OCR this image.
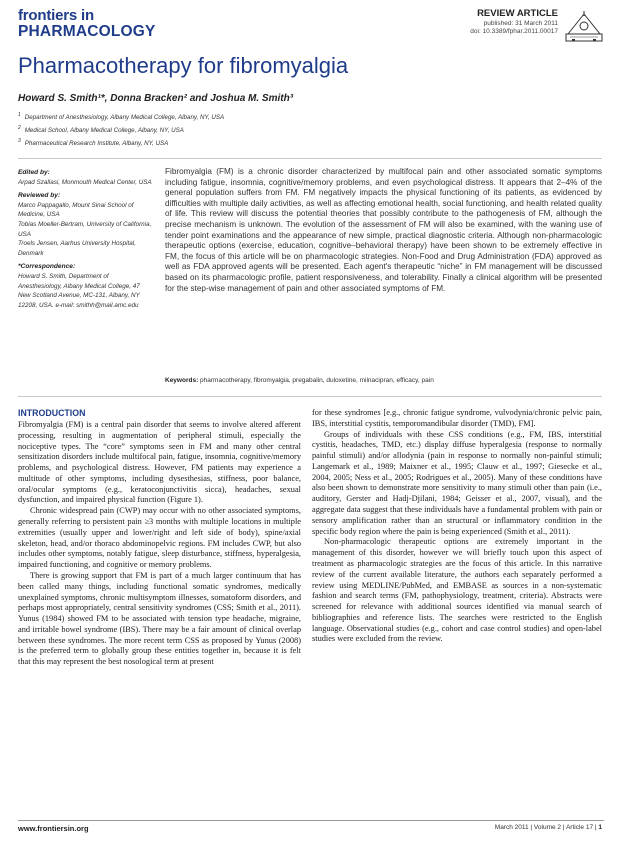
frontiers in
PHARMACOLOGY
REVIEW ARTICLE
published: 31 March 2011
doi: 10.3389/fphar.2011.00017
Pharmacotherapy for fibromyalgia
Howard S. Smith¹*, Donna Bracken² and Joshua M. Smith³
$^1$ Department of Anesthesiology, Albany Medical College, Albany, NY, USA
$^2$ Medical School, Albany Medical College, Albany, NY, USA
$^3$ Pharmaceutical Research Institute, Albany, NY, USA
Edited by:
Arpad Szallasi, Monmouth Medical Center, USA
Reviewed by:
Marco Pappagallo, Mount Sinai School of Medicine, USA
Tobias Moeller-Bertram, University of California, USA
Troels Jensen, Aarhus University Hospital, Denmark
*Correspondence:
Howard S. Smith, Department of Anesthesiology, Albany Medical College, 47 New Scotland Avenue, MC-131, Albany, NY 12208, USA. e-mail: smithh@mail.amc.edu
Fibromyalgia (FM) is a chronic disorder characterized by multifocal pain and other associated somatic symptoms including fatigue, insomnia, cognitive/memory problems, and even psychological distress. It appears that 2–4% of the general population suffers from FM. FM negatively impacts the physical functioning of its patients, as evidenced by difficulties with multiple daily activities, as well as affecting emotional health, social functioning, and health related quality of life. This review will discuss the potential theories that possibly contribute to the pathogenesis of FM, although the precise mechanism is unknown. The evolution of the assessment of FM will also be examined, with the waning use of tender point examinations and the appearance of new simple, practical diagnostic criteria. Although non-pharmacologic therapeutic options (exercise, education, cognitive–behavioral therapy) have been shown to be extremely effective in FM, the focus of this article will be on pharmacologic strategies. Non-Food and Drug Administration (FDA) approved as well as FDA approved agents will be presented. Each agent's therapeutic “niche” in FM management will be discussed based on its pharmacologic profile, patient responsiveness, and tolerability. Finally a clinical algorithm will be presented for the step-wise management of pain and other associated symptoms of FM.
Keywords: pharmacotherapy, fibromyalgia, pregabalin, duloxetine, milnacipran, efficacy, pain
INTRODUCTION

Fibromyalgia (FM) is a central pain disorder that seems to involve altered afferent processing, resulting in augmentation of peripheral stimuli, especially the nociceptive types. The “core” symptoms seen in FM and many other central sensitization disorders include multifocal pain, fatigue, insomnia, cognitive/memory problems, and psychological distress. However, FM patients may experience a multitude of other symptoms, including dysesthesias, stiffness, poor balance, oral/ocular symptoms (e.g., keratoconjunctivitis sicca), headaches, sexual dysfunction, and impaired physical function (Figure 1).

Chronic widespread pain (CWP) may occur with no other associated symptoms, generally referring to persistent pain ≥3 months with multiple locations in multiple extremities (usually upper and lower/right and left side of body), spine/axial skeleton, head, and/or thoraco abdominopelvic regions. FM includes CWP, but also includes other symptoms, notably fatigue, sleep disturbance, stiffness, hyperalgesia, impaired functioning, and cognitive or memory problems.

There is growing support that FM is part of a much larger continuum that has been called many things, including functional somatic syndromes, medically unexplained symptoms, chronic multisymptom illnesses, somatoform disorders, and perhaps most appropriately, central sensitivity syndromes (CSS; Smith et al., 2011). Yunus (1984) showed FM to be associated with tension type headache, migraine, and irritable bowel syndrome (IBS). There may be a fair amount of clinical overlap between these syndromes. The more recent term CSS as proposed by Yunus (2008) is the preferred term to globally group these entities together in, because it is felt that this may represent the best nosological term at present

for these syndromes [e.g., chronic fatigue syndrome, vulvodynia/chronic pelvic pain, IBS, interstitial cystitis, temporomandibular disorder (TMD), FM].

Groups of individuals with these CSS conditions (e.g., FM, IBS, interstitial cystitis, headaches, TMD, etc.) display diffuse hyperalgesia (response to normally painful stimuli) and/or allodynia (pain in response to normally non-painful stimuli; Langemark et al., 1989; Maixner et al., 1995; Clauw et al., 1997; Giesecke et al., 2004, 2005; Ness et al., 2005; Rodrigues et al., 2005). Many of these conditions have also been shown to demonstrate more sensitivity to many stimuli other than pain (i.e., auditory, Gerster and Hadj-Djilani, 1984; Geisser et al., 2007, visual), and the aggregate data suggest that these individuals have a fundamental problem with pain or sensory amplification rather than an structural or inflammatory condition in the specific body region where the pain is being experienced (Smith et al., 2011).

Non-pharmacologic therapeutic options are extremely important in the management of this disorder, however we will briefly touch upon this aspect of treatment as pharmacologic strategies are the focus of this article. In this narrative review of the current available literature, the authors each separately performed a review using MEDLINE/PubMed, and EMBASE as sources in a non-systematic fashion and search terms (FM, pathophysiology, treatment, criteria). Abstracts were screened for relevance with additional sources identified via manual search of bibliographies and reference lists. The searches were restricted to the English language. Observational studies (e.g., cohort and case control studies) and open-label studies were excluded from the review.

www.frontiersin.org	March 2011 | Volume 2 | Article 17 | 1
